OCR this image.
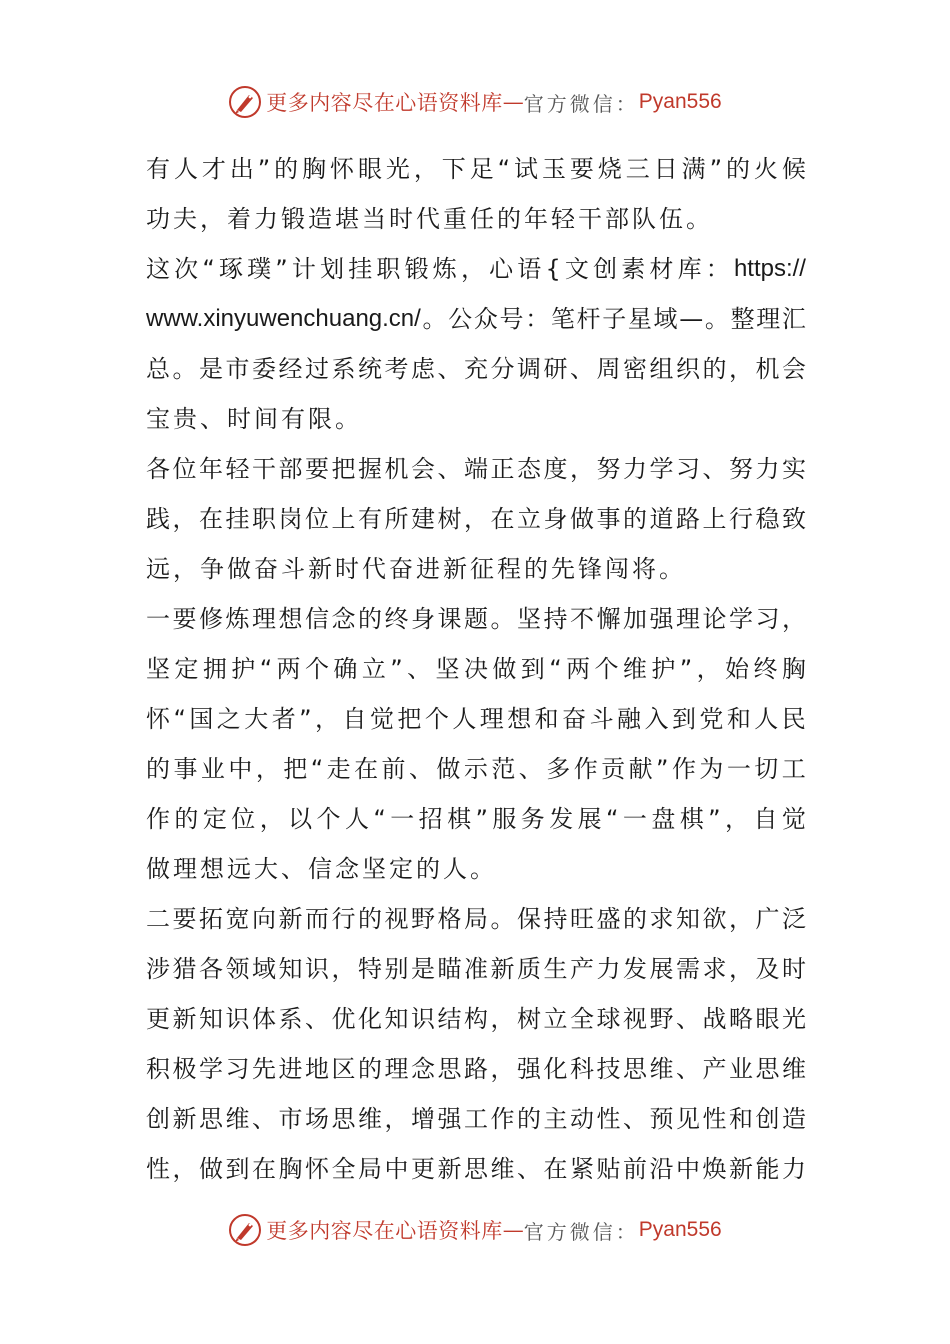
更多内容尽在心语资料库 — 官方微信： Pyan556
有 人 才 出 ” 的 胸 怀 眼 光 ， 下 足 “ 试 玉 要 烧 三 日 满 ” 的 火 候
功夫，着力锻造堪当时代重任的年轻干部队伍。
这 次 “ 琢 璞 ” 计 划 挂 职 锻 炼 ， 心 语 { 文 创 素 材 库 ： https://
www.xinyuwenchuang.cn/ 。 公 众 号 ： 笔 杆 子 星 域 — 。 整 理 汇
总 。 是 市 委 经 过 系 统 考 虑 、 充 分 调 研 、 周 密 组 织 的 ， 机 会
宝贵、时间有限。
各 位 年 轻 干 部 要 把 握 机 会 、 端 正 态 度 ， 努 力 学 习 、 努 力 实
践 ， 在 挂 职 岗 位 上 有 所 建 树 ， 在 立 身 做 事 的 道 路 上 行 稳 致
远，争做奋斗新时代奋进新征程的先锋闯将。
一 要 修 炼 理 想 信 念 的 终 身 课 题 。 坚 持 不 懈 加 强 理 论 学 习 ，
坚 定 拥 护 “ 两 个 确 立 ” 、 坚 决 做 到 “ 两 个 维 护 ” ， 始 终 胸
怀 “ 国 之 大 者 ” ， 自 觉 把 个 人 理 想 和 奋 斗 融 入 到 党 和 人 民
的 事 业 中 ， 把 “ 走 在 前 、 做 示 范 、 多 作 贡 献 ” 作 为 一 切 工
作 的 定 位 ， 以 个 人 “ 一 招 棋 ” 服 务 发 展 “ 一 盘 棋 ” ， 自 觉
做理想远大、信念坚定的人。
二 要 拓 宽 向 新 而 行 的 视 野 格 局 。 保 持 旺 盛 的 求 知 欲 ， 广 泛
涉 猎 各 领 域 知 识 ， 特 别 是 瞄 准 新 质 生 产 力 发 展 需 求 ， 及 时
更 新 知 识 体 系 、 优 化 知 识 结 构 ， 树 立 全 球 视 野 、 战 略 眼 光
积 极 学 习 先 进 地 区 的 理 念 思 路 ， 强 化 科 技 思 维 、 产 业 思 维
创 新 思 维 、 市 场 思 维 ， 增 强 工 作 的 主 动 性 、 预 见 性 和 创 造
性 ， 做 到 在 胸 怀 全 局 中 更 新 思 维 、 在 紧 贴 前 沿 中 焕 新 能 力
更多内容尽在心语资料库 — 官方微信： Pyan556
